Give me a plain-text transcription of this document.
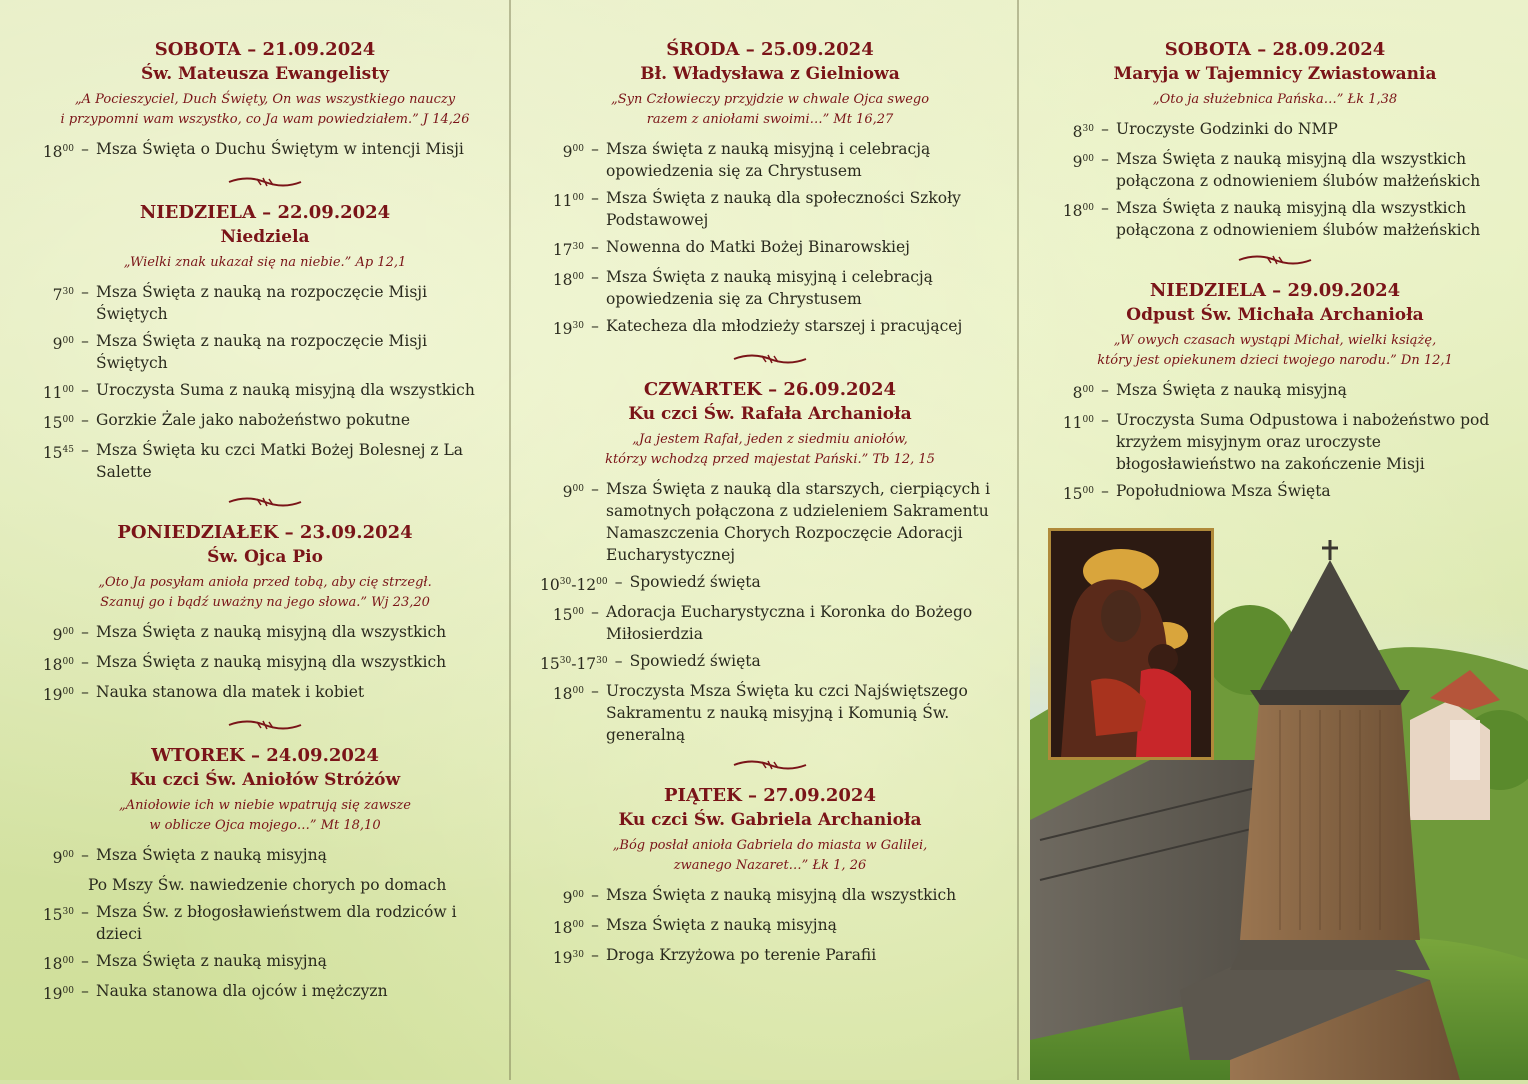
SOBOTA – 21.09.2024
Św. Mateusza Ewangelisty
„A Pocieszyciel, Duch Święty, On was wszystkiego nauczy
i przypomni wam wszystko, co Ja wam powiedziałem.” J 14,26
$18^{00}$ – Msza Święta o Duchu Świętym w intencji Misji
NIEDZIELA – 22.09.2024
Niedziela
„Wielki znak ukazał się na niebie.” Ap 12,1
$7^{30}$ – Msza Święta z nauką na rozpoczęcie Misji Świętych
$9^{00}$ – Msza Święta z nauką na rozpoczęcie Misji Świętych
$11^{00}$ – Uroczysta Suma z nauką misyjną dla wszystkich
$15^{00}$ – Gorzkie Żale jako nabożeństwo pokutne
$15^{45}$ – Msza Święta ku czci Matki Bożej Bolesnej z La Salette
PONIEDZIAŁEK – 23.09.2024
Św. Ojca Pio
„Oto Ja posyłam anioła przed tobą, aby cię strzegł.
Szanuj go i bądź uważny na jego słowa.” Wj 23,20
$9^{00}$ – Msza Święta z nauką misyjną dla wszystkich
$18^{00}$ – Msza Święta z nauką misyjną dla wszystkich
$19^{00}$ – Nauka stanowa dla matek i kobiet
WTOREK – 24.09.2024
Ku czci Św. Aniołów Stróżów
„Aniołowie ich w niebie wpatrują się zawsze
w oblicze Ojca mojego…” Mt 18,10
$9^{00}$ – Msza Święta z nauką misyjną
Po Mszy Św. nawiedzenie chorych po domach
$15^{30}$ – Msza Św. z błogosławieństwem dla rodziców i dzieci
$18^{00}$ – Msza Święta z nauką misyjną
$19^{00}$ – Nauka stanowa dla ojców i mężczyzn
ŚRODA – 25.09.2024
Bł. Władysława z Gielniowa
„Syn Człowieczy przyjdzie w chwale Ojca swego
razem z aniołami swoimi…” Mt 16,27
$9^{00}$ – Msza święta z nauką misyjną i celebracją opowiedzenia się za Chrystusem
$11^{00}$ – Msza Święta z nauką dla społeczności Szkoły Podstawowej
$17^{30}$ – Nowenna do Matki Bożej Binarowskiej
$18^{00}$ – Msza Święta z nauką misyjną i celebracją opowiedzenia się za Chrystusem
$19^{30}$ – Katecheza dla młodzieży starszej i pracującej
CZWARTEK – 26.09.2024
Ku czci Św. Rafała Archanioła
„Ja jestem Rafał, jeden z siedmiu aniołów,
którzy wchodzą przed majestat Pański.” Tb 12, 15
$9^{00}$ – Msza Święta z nauką dla starszych, cierpiących i samotnych połączona z udzieleniem Sakramentu Namaszczenia Chorych Rozpoczęcie Adoracji Eucharystycznej
$10^{30}-12^{00}$ – Spowiedź święta
$15^{00}$ – Adoracja Eucharystyczna i Koronka do Bożego Miłosierdzia
$15^{30}-17^{30}$ – Spowiedź święta
$18^{00}$ – Uroczysta Msza Święta ku czci Najświętszego Sakramentu z nauką misyjną i Komunią Św. generalną
PIĄTEK – 27.09.2024
Ku czci Św. Gabriela Archanioła
„Bóg posłał anioła Gabriela do miasta w Galilei,
zwanego Nazaret…” Łk 1, 26
$9^{00}$ – Msza Święta z nauką misyjną dla wszystkich
$18^{00}$ – Msza Święta z nauką misyjną
$19^{30}$ – Droga Krzyżowa po terenie Parafii
SOBOTA – 28.09.2024
Maryja w Tajemnicy Zwiastowania
„Oto ja służebnica Pańska…” Łk 1,38
$8^{30}$ – Uroczyste Godzinki do NMP
$9^{00}$ – Msza Święta z nauką misyjną dla wszystkich połączona z odnowieniem ślubów małżeńskich
$18^{00}$ – Msza Święta z nauką misyjną dla wszystkich połączona z odnowieniem ślubów małżeńskich
NIEDZIELA – 29.09.2024
Odpust Św. Michała Archanioła
„W owych czasach wystąpi Michał, wielki książę,
który jest opiekunem dzieci twojego narodu.” Dn 12,1
$8^{00}$ – Msza Święta z nauką misyjną
$11^{00}$ – Uroczysta Suma Odpustowa i nabożeństwo pod krzyżem misyjnym oraz uroczyste błogosławieństwo na zakończenie Misji
$15^{00}$ – Popołudniowa Msza Święta
